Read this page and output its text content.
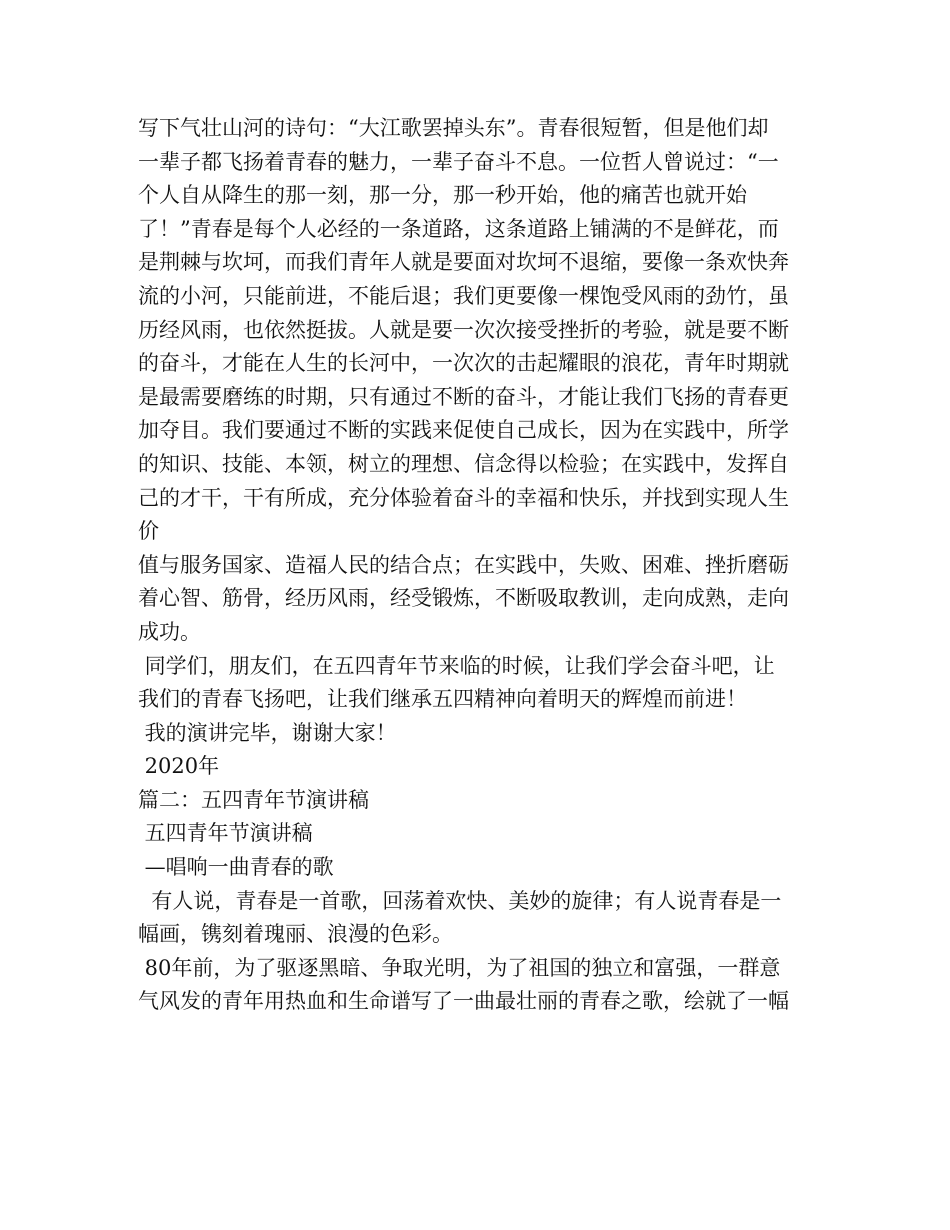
写下气壮山河的诗句：“大江歌罢掉头东”。青春很短暂，但是他们却
一辈子都飞扬着青春的魅力，一辈子奋斗不息。一位哲人曾说过：“一
个人自从降生的那一刻，那一分，那一秒开始，他的痛苦也就开始
了！”青春是每个人必经的一条道路，这条道路上铺满的不是鲜花，而
是荆棘与坎坷，而我们青年人就是要面对坎坷不退缩，要像一条欢快奔
流的小河，只能前进，不能后退；我们更要像一棵饱受风雨的劲竹，虽
历经风雨，也依然挺拔。人就是要一次次接受挫折的考验，就是要不断
的奋斗，才能在人生的长河中，一次次的击起耀眼的浪花，青年时期就
是最需要磨练的时期，只有通过不断的奋斗，才能让我们飞扬的青春更
加夺目。我们要通过不断的实践来促使自己成长，因为在实践中，所学
的知识、技能、本领，树立的理想、信念得以检验；在实践中，发挥自
己的才干，干有所成，充分体验着奋斗的幸福和快乐，并找到实现人生
价
值与服务国家、造福人民的结合点；在实践中，失败、困难、挫折磨砺
着心智、筋骨，经历风雨，经受锻炼，不断吸取教训，走向成熟，走向
成功。
同学们，朋友们，在五四青年节来临的时候，让我们学会奋斗吧，让
我们的青春飞扬吧，让我们继承五四精神向着明天的辉煌而前进！
我的演讲完毕，谢谢大家！
2020年
篇二：五四青年节演讲稿
五四青年节演讲稿
—唱响一曲青春的歌
有人说，青春是一首歌，回荡着欢快、美妙的旋律；有人说青春是一
幅画，镌刻着瑰丽、浪漫的色彩。
80年前，为了驱逐黑暗、争取光明，为了祖国的独立和富强，一群意
气风发的青年用热血和生命谱写了一曲最壮丽的青春之歌，绘就了一幅
